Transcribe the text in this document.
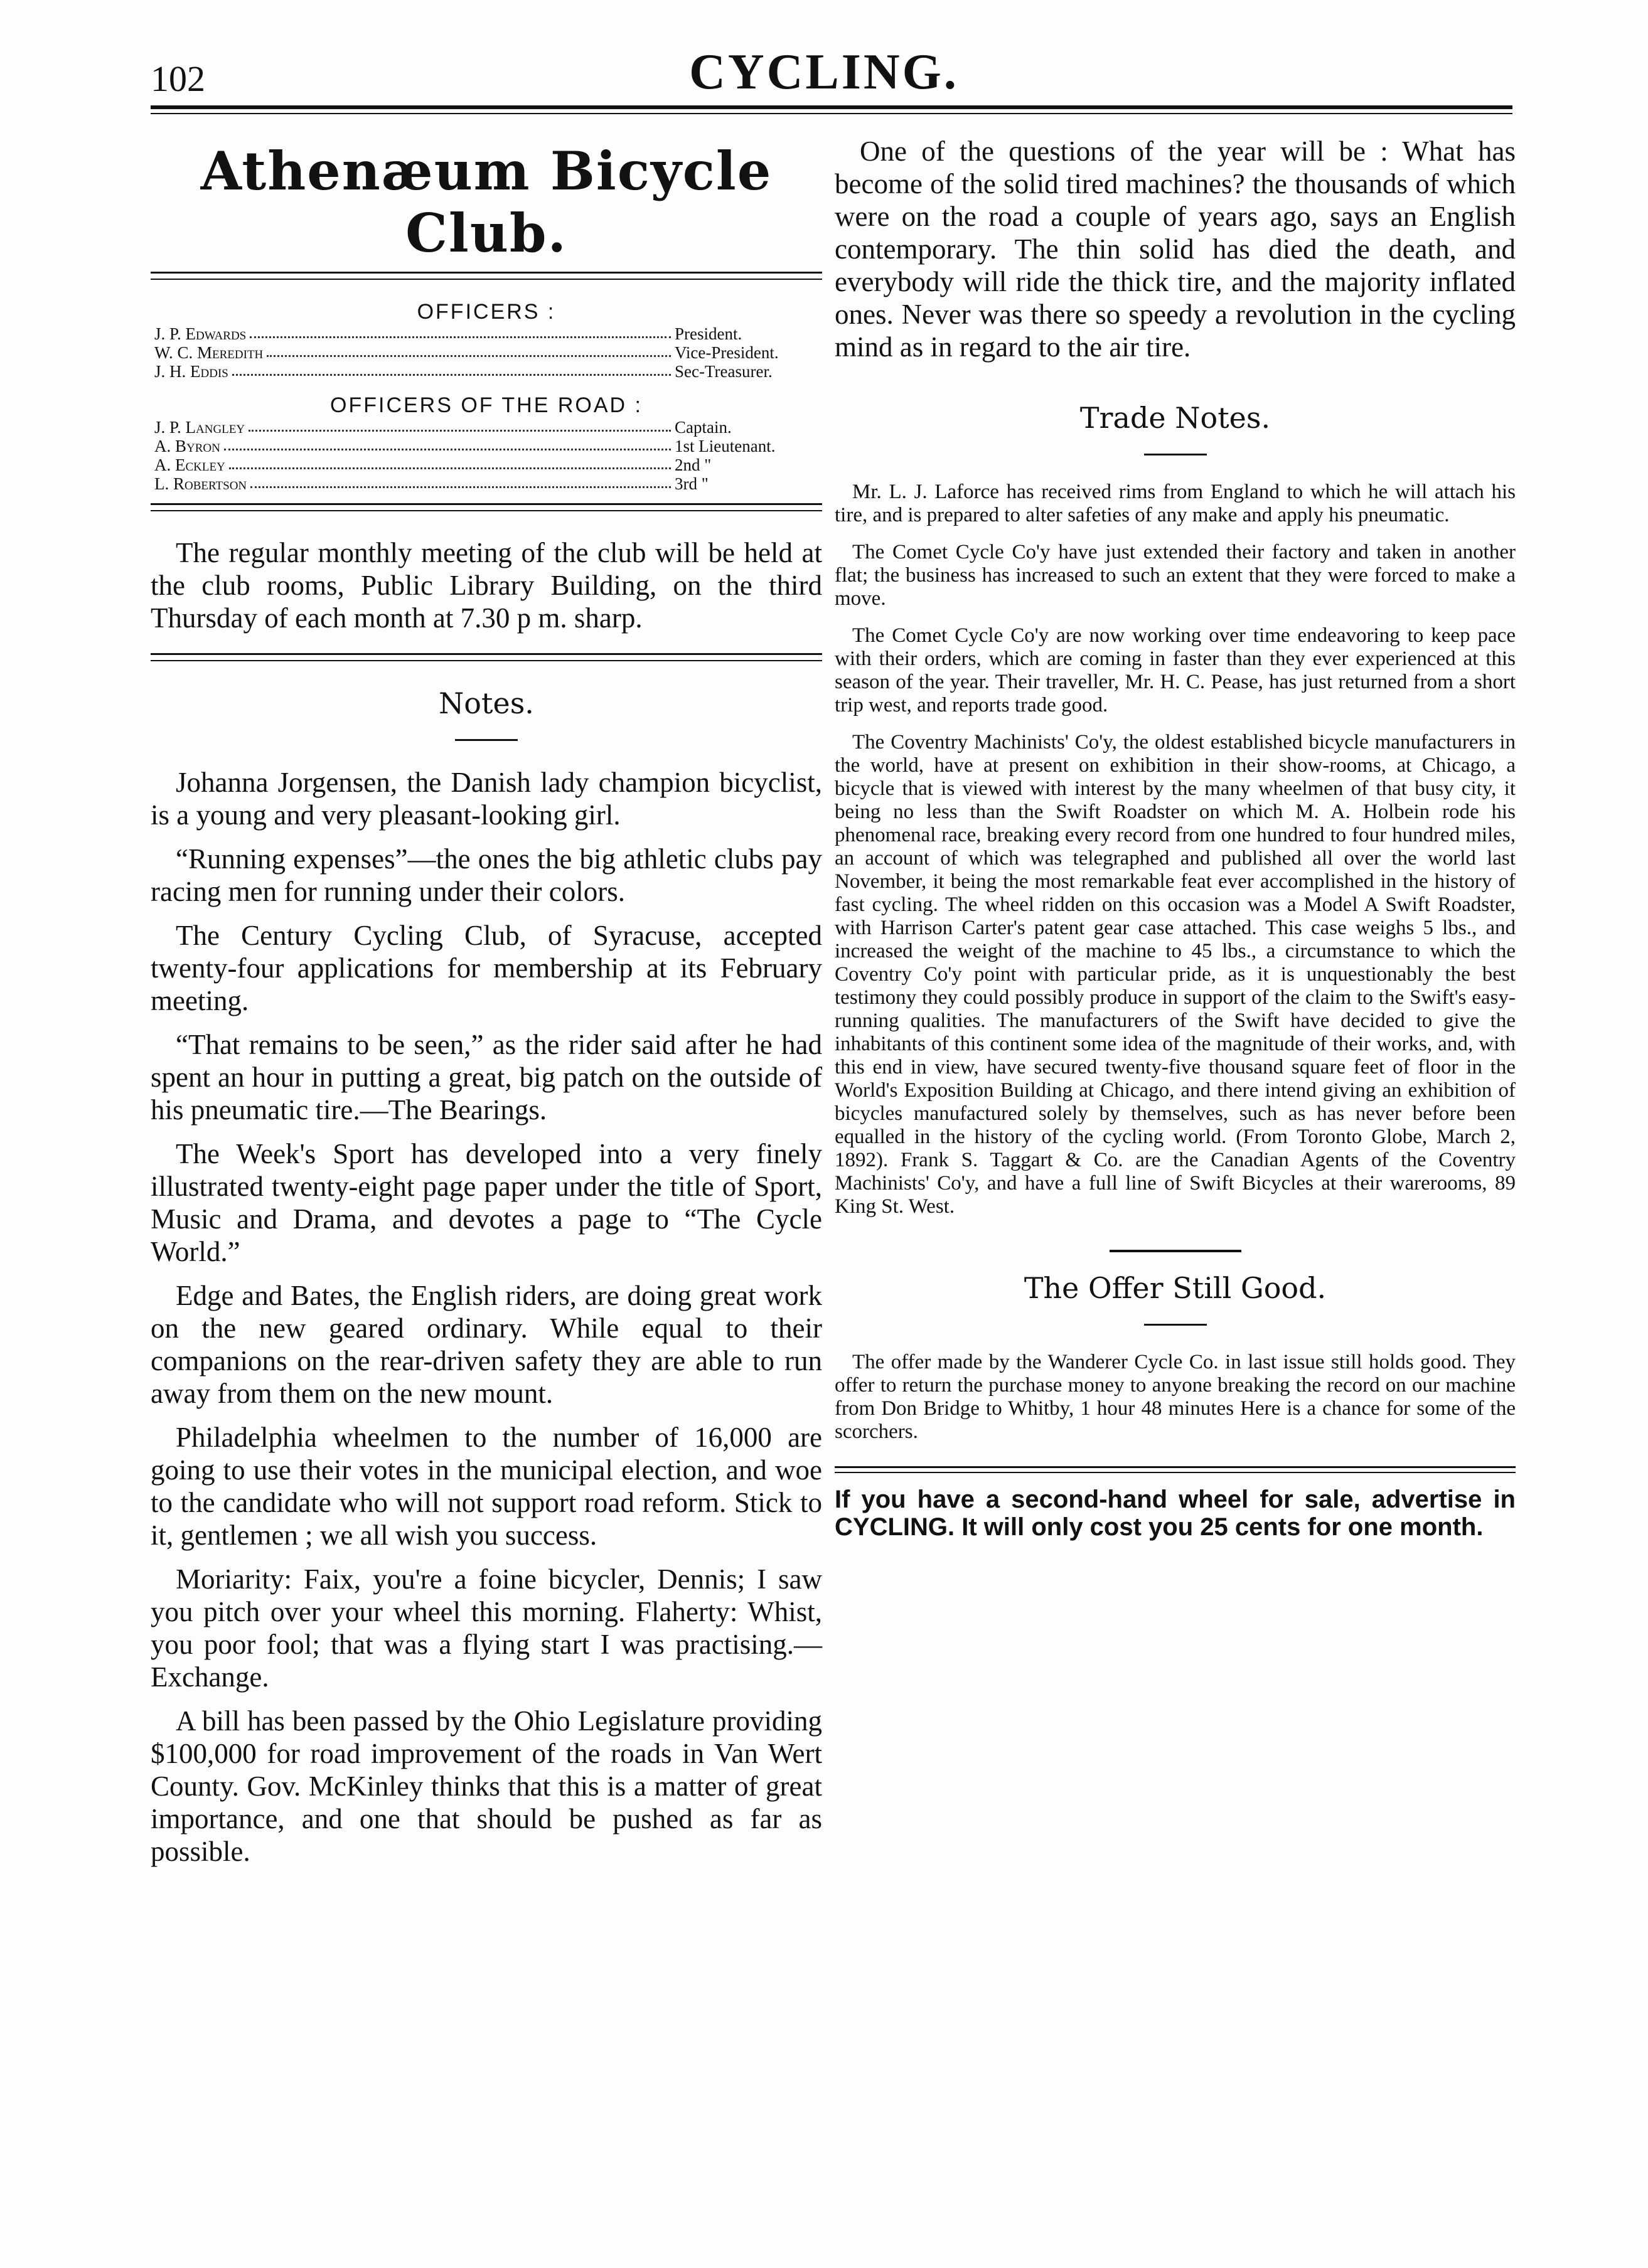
102	CYCLING.
Athenæum Bicycle Club.
OFFICERS :
J. P. Edwards	President.
W. C. Meredith	Vice-President.
J. H. Eddis	Sec-Treasurer.
OFFICERS OF THE ROAD :
J. P. Langley	Captain.
A. Byron	1st Lieutenant.
A. Eckley	2nd "
L. Robertson	3rd "

The regular monthly meeting of the club will be held at the club rooms, Public Library Building, on the third Thursday of each month at 7.30 p m. sharp.

Notes.

Johanna Jorgensen, the Danish lady champion bicyclist, is a young and very pleasant-looking girl.

“Running expenses”—the ones the big athletic clubs pay racing men for running under their colors.

The Century Cycling Club, of Syracuse, accepted twenty-four applications for membership at its February meeting.

“That remains to be seen,” as the rider said after he had spent an hour in putting a great, big patch on the outside of his pneumatic tire.—The Bearings.

The Week's Sport has developed into a very finely illustrated twenty-eight page paper under the title of Sport, Music and Drama, and devotes a page to “The Cycle World.”

Edge and Bates, the English riders, are doing great work on the new geared ordinary. While equal to their companions on the rear-driven safety they are able to run away from them on the new mount.

Philadelphia wheelmen to the number of 16,000 are going to use their votes in the municipal election, and woe to the candidate who will not support road reform. Stick to it, gentlemen ; we all wish you success.

Moriarity: Faix, you're a foine bicycler, Dennis; I saw you pitch over your wheel this morning. Flaherty: Whist, you poor fool; that was a flying start I was practising.—Exchange.

A bill has been passed by the Ohio Legislature providing $100,000 for road improvement of the roads in Van Wert County. Gov. McKinley thinks that this is a matter of great importance, and one that should be pushed as far as possible.

One of the questions of the year will be : What has become of the solid tired machines? the thousands of which were on the road a couple of years ago, says an English contemporary. The thin solid has died the death, and everybody will ride the thick tire, and the majority inflated ones. Never was there so speedy a revolution in the cycling mind as in regard to the air tire.

Trade Notes.

Mr. L. J. Laforce has received rims from England to which he will attach his tire, and is prepared to alter safeties of any make and apply his pneumatic.

The Comet Cycle Co'y have just extended their factory and taken in another flat; the business has increased to such an extent that they were forced to make a move.

The Comet Cycle Co'y are now working over time endeavoring to keep pace with their orders, which are coming in faster than they ever experienced at this season of the year. Their traveller, Mr. H. C. Pease, has just returned from a short trip west, and reports trade good.

The Coventry Machinists' Co'y, the oldest established bicycle manufacturers in the world, have at present on exhibition in their show-rooms, at Chicago, a bicycle that is viewed with interest by the many wheelmen of that busy city, it being no less than the Swift Roadster on which M. A. Holbein rode his phenomenal race, breaking every record from one hundred to four hundred miles, an account of which was telegraphed and published all over the world last November, it being the most remarkable feat ever accomplished in the history of fast cycling. The wheel ridden on this occasion was a Model A Swift Roadster, with Harrison Carter's patent gear case attached. This case weighs 5 lbs., and increased the weight of the machine to 45 lbs., a circumstance to which the Coventry Co'y point with particular pride, as it is unquestionably the best testimony they could possibly produce in support of the claim to the Swift's easy-running qualities. The manufacturers of the Swift have decided to give the inhabitants of this continent some idea of the magnitude of their works, and, with this end in view, have secured twenty-five thousand square feet of floor in the World's Exposition Building at Chicago, and there intend giving an exhibition of bicycles manufactured solely by themselves, such as has never before been equalled in the history of the cycling world. (From Toronto Globe, March 2, 1892). Frank S. Taggart & Co. are the Canadian Agents of the Coventry Machinists' Co'y, and have a full line of Swift Bicycles at their warerooms, 89 King St. West.

The Offer Still Good.

The offer made by the Wanderer Cycle Co. in last issue still holds good. They offer to return the purchase money to anyone breaking the record on our machine from Don Bridge to Whitby, 1 hour 48 minutes Here is a chance for some of the scorchers.

If you have a second-hand wheel for sale, advertise in CYCLING. It will only cost you 25 cents for one month.
